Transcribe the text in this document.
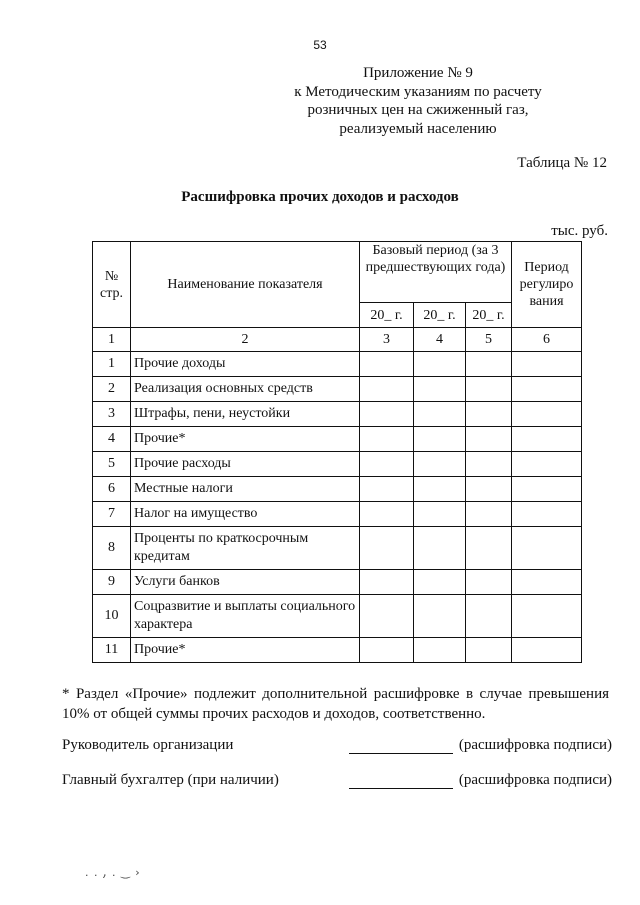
53
Приложение № 9
к Методическим указаниям по расчету
розничных цен на сжиженный газ,
реализуемый населению
Таблица № 12
Расшифровка прочих доходов и расходов
тыс. руб.
№
стр.	Наименование показателя	Базовый период (за 3 предшествующих года)			Период регулиро вания
		20_ г.	20_ г.	20_ г.	
1	2	3	4	5	6
1	Прочие доходы				
2	Реализация основных средств				
3	Штрафы, пени, неустойки				
4	Прочие*				
5	Прочие расходы				
6	Местные налоги				
7	Налог на имущество				
8	Проценты по краткосрочным кредитам				
9	Услуги банков				
10	Соцразвитие и выплаты социального характера				
11	Прочие*				
* Раздел «Прочие» подлежит дополнительной расшифровке в случае превышения 10% от общей суммы прочих расходов и доходов, соответственно.
Руководитель организации	(расшифровка подписи)
Главный бухгалтер (при наличии)	(расшифровка подписи)
. . ,̣ . ‿ ›
